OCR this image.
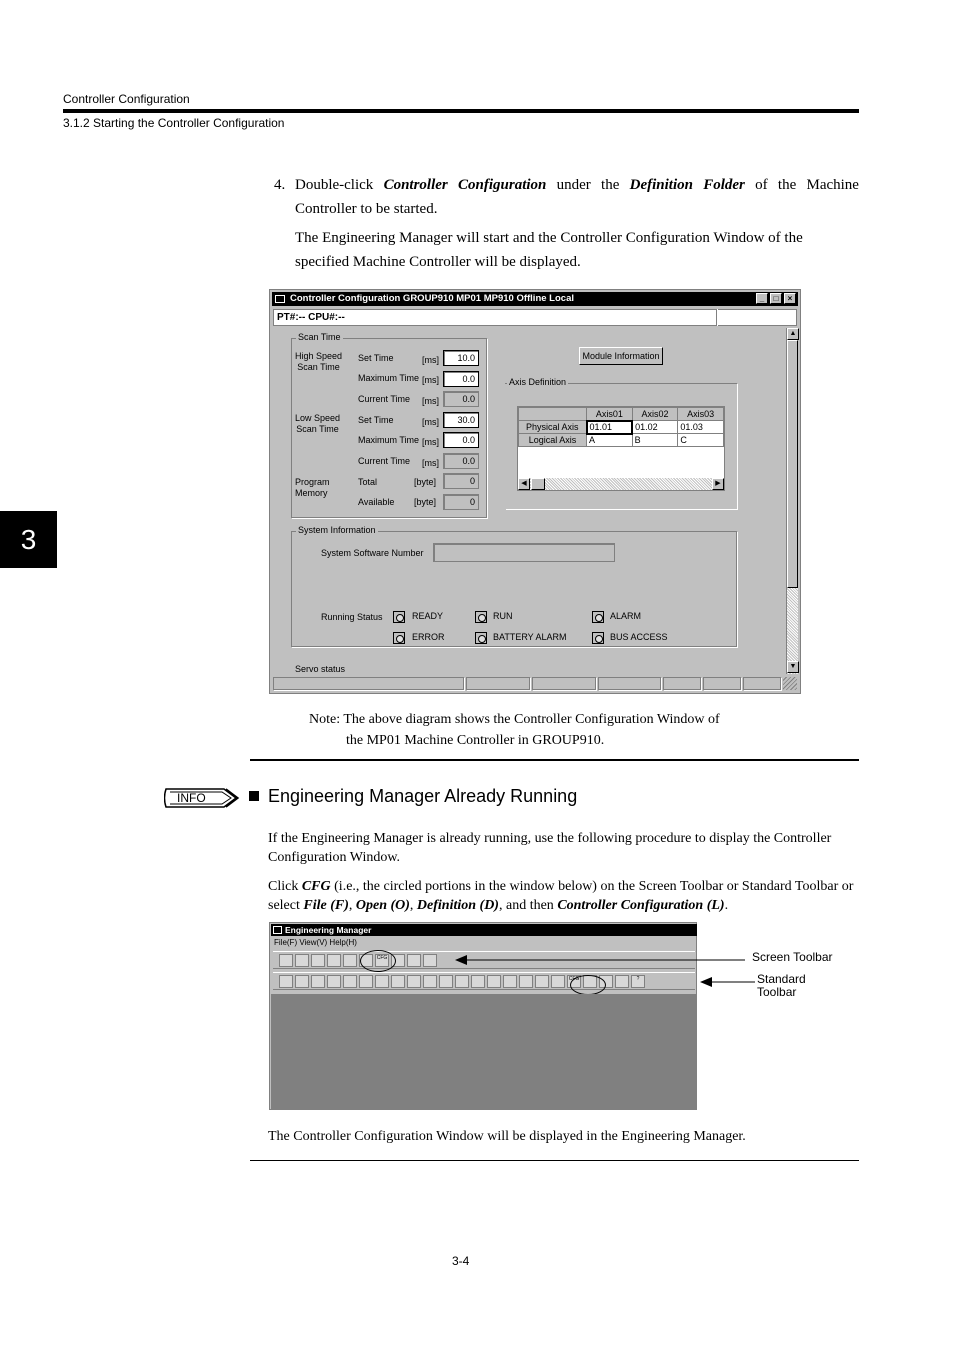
Controller Configuration
3.1.2 Starting the Controller Configuration
3
4. Double-click Controller Configuration under the Definition Folder of the Machine Controller to be started.
The Engineering Manager will start and the Controller Configuration Window of the specified Machine Controller will be displayed.
Controller Configuration GROUP910 MP01 MP910 Offline Local	_	□	×
PT#:-- CPU#:--
Scan Time
High Speed
Scan Time
Set Time	[ms]	10.0
Maximum Time [ms]	0.0
Current Time [ms]	0.0
Low Speed
Scan Time
Set Time	[ms]	30.0
Maximum Time [ms]	0.0
Current Time [ms]	0.0
Program
Memory
Total	[byte]	0
Available [byte]	0
Module Information
Axis Definition
	Axis01	Axis02	Axis03
Physical Axis	01.01	01.02	01.03
Logical Axis	A	B	C
◀	▶
System Information
System Software Number
Running Status	READY	RUN	ALARM
ERROR	BATTERY ALARM	BUS ACCESS
Servo status
▲
▼
Note: The above diagram shows the Controller Configuration Window of
the MP01 Machine Controller in GROUP910.
INFO	Engineering Manager Already Running
If the Engineering Manager is already running, use the following procedure to display the Controller Configuration Window.
Click CFG (i.e., the circled portions in the window below) on the Screen Toolbar or Standard Toolbar or select File (F), Open (O), Definition (D), and then Controller Configuration (L).
Engineering Manager
File(F) View(V) Help(H)
CFG
CFG	?
Screen Toolbar
Standard
Toolbar
The Controller Configuration Window will be displayed in the Engineering Manager.
3-4
